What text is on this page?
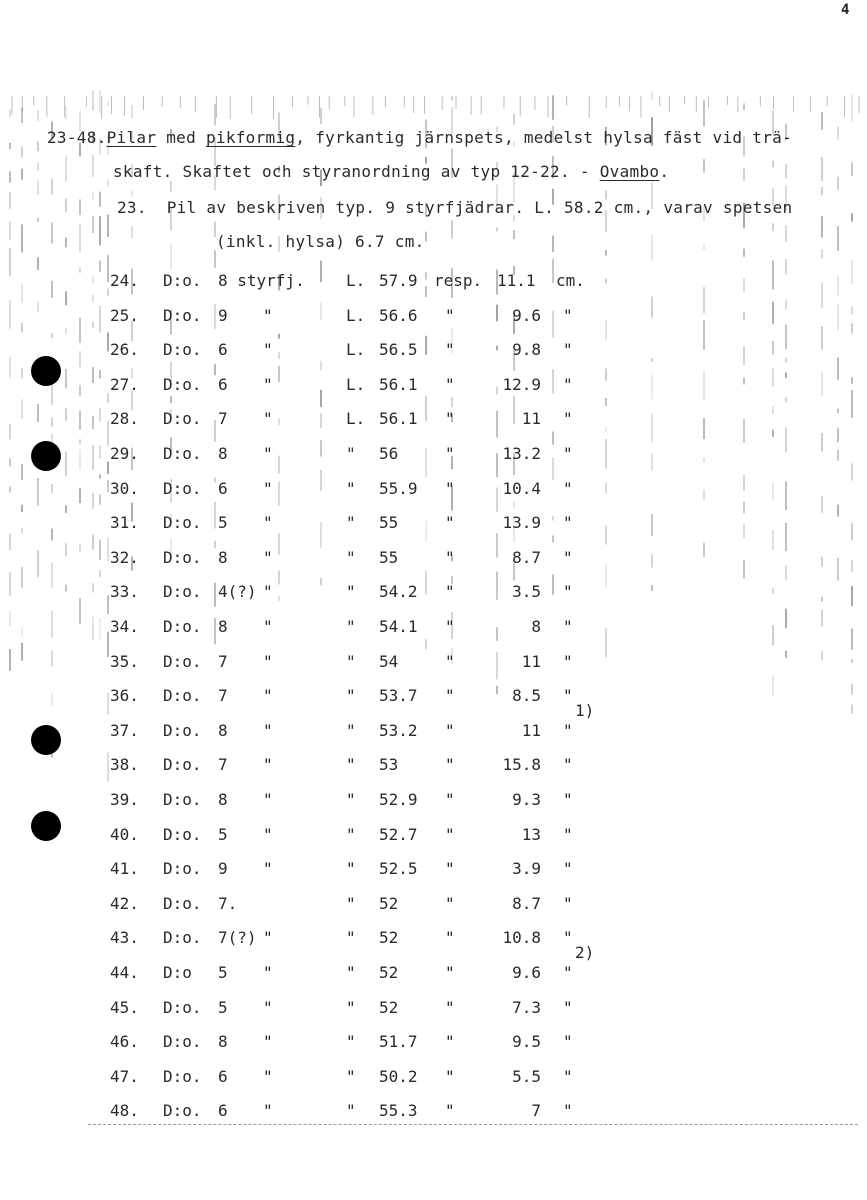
4
23-48.Pilar med pikformig, fyrkantig järnspets, medelst hylsa fäst vid trä-
skaft. Skaftet och styranordning av typ 12-22. - Ovambo.
23. Pil av beskriven typ. 9 styrfjädrar. L. 58.2 cm., varav spetsen
(inkl. hylsa) 6.7 cm.
24. D:o. 8 styrfj.	L. 57.9 resp. 11.1 cm.
25. D:o. 9 "	L. 56.6 "	9.6 "
26. D:o. 6 "	L. 56.5 "	9.8 "
27. D:o. 6 "	L. 56.1 "	12.9 "
28. D:o. 7 "	L. 56.1 "	11 "
29. D:o. 8 "	" 56	"	13.2 "
30. D:o. 6 "	" 55.9 "	10.4 "
31. D:o. 5 "	" 55	"	13.9 "
32. D:o. 8 "	" 55	"	8.7 "
33. D:o. 4(?) "	" 54.2 "	3.5 "
34. D:o. 8 "	" 54.1 "	8 "
35. D:o. 7 "	" 54	"	11 "
36. D:o. 7 "	" 53.7 "	8.5 "
37. D:o. 8 "	" 53.2 "	11 "
38. D:o. 7 "	" 53	"	15.8 "
39. D:o. 8 "	" 52.9 "	9.3 "
40. D:o. 5 "	" 52.7 "	13 "
41. D:o. 9 "	" 52.5 "	3.9 "
42. D:o. 7.	" 52	"	8.7 "
43. D:o. 7(?) "	" 52	"	10.8 "
44. D:o 5 "	" 52	"	9.6 "
45. D:o. 5 "	" 52	"	7.3 "
46. D:o. 8 "	" 51.7 "	9.5 "
47. D:o. 6 "	" 50.2 "	5.5 "
48. D:o. 6 "	" 55.3 "	7 "
1)
2)
